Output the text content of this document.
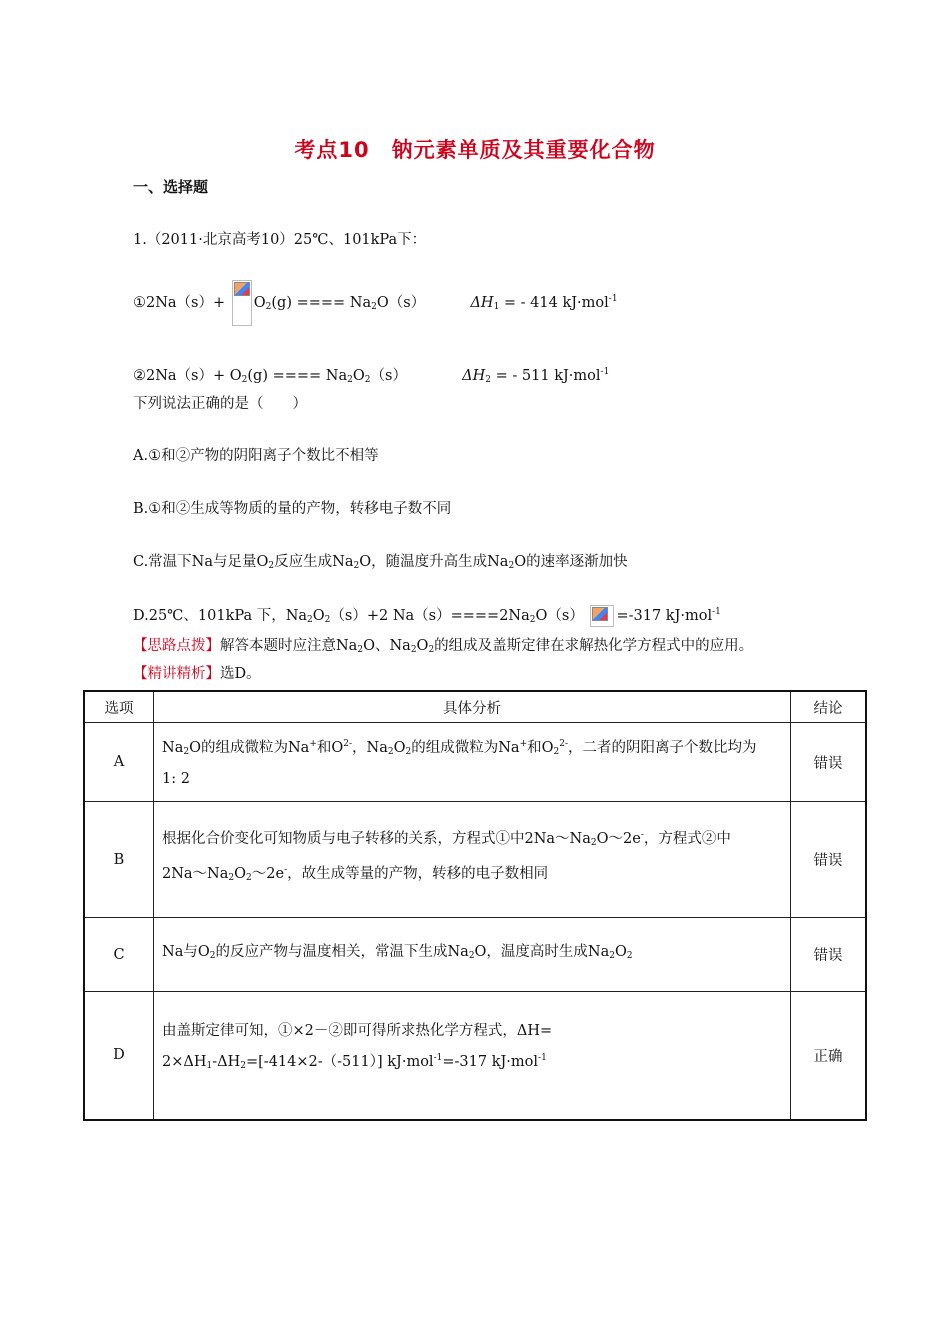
考点10　钠元素单质及其重要化合物
一、选择题
1.（2011·北京高考10）25℃、101kPa下：
①2Na（s）+ $O_2(g)$ ==== $Na_2O(s)$	$\Delta H_1$ = - 414 kJ·mol$^{-1}$
②2Na（s）+ $O_2(g)$ ==== $Na_2O_2(s)$	$\Delta H_2$ = - 511 kJ·mol$^{-1}$
下列说法正确的是（　　）
A.①和②产物的阴阳离子个数比不相等
B.①和②生成等物质的量的产物，转移电子数不同
C.常温下Na与足量$O_2$反应生成$Na_2O$，随温度升高生成$Na_2O$的速率逐渐加快
D.25℃、101kPa 下，$Na_2O_2(s)+2$ $Na(s)====2Na_2O(s) =-317$ kJ·mol$^{-1}$
【思路点拨】解答本题时应注意$Na_2O$、$Na_2O_2$的组成及盖斯定律在求解热化学方程式中的应用。
【精讲精析】选D。
选项	具体分析	结论
A	$Na_2O$的组成微粒为Na+和$O^{2-}$，$Na_2O_2$的组成微粒为Na+和$O_2^{2-}$，二者的阴阳离子个数比均为
1: 2	错误
B	根据化合价变化可知物质与电子转移的关系，方程式①中$2Na\sim Na_2O\sim 2e^-$，方程式②中
$2Na\sim Na_2O_2\sim 2e^-$，故生成等量的产物，转移的电子数相同	错误
C	Na与$O_2$的反应产物与温度相关，常温下生成$Na_2O$，温度高时生成$Na_2O_2$	错误
D	由盖斯定律可知，①×2－②即可得所求热化学方程式，ΔH=
$2\times\Delta H_1-\Delta H_2=[-414\times 2-(-511)]$ kJ·mol$^{-1}$=-317 kJ·mol$^{-1}$	正确
